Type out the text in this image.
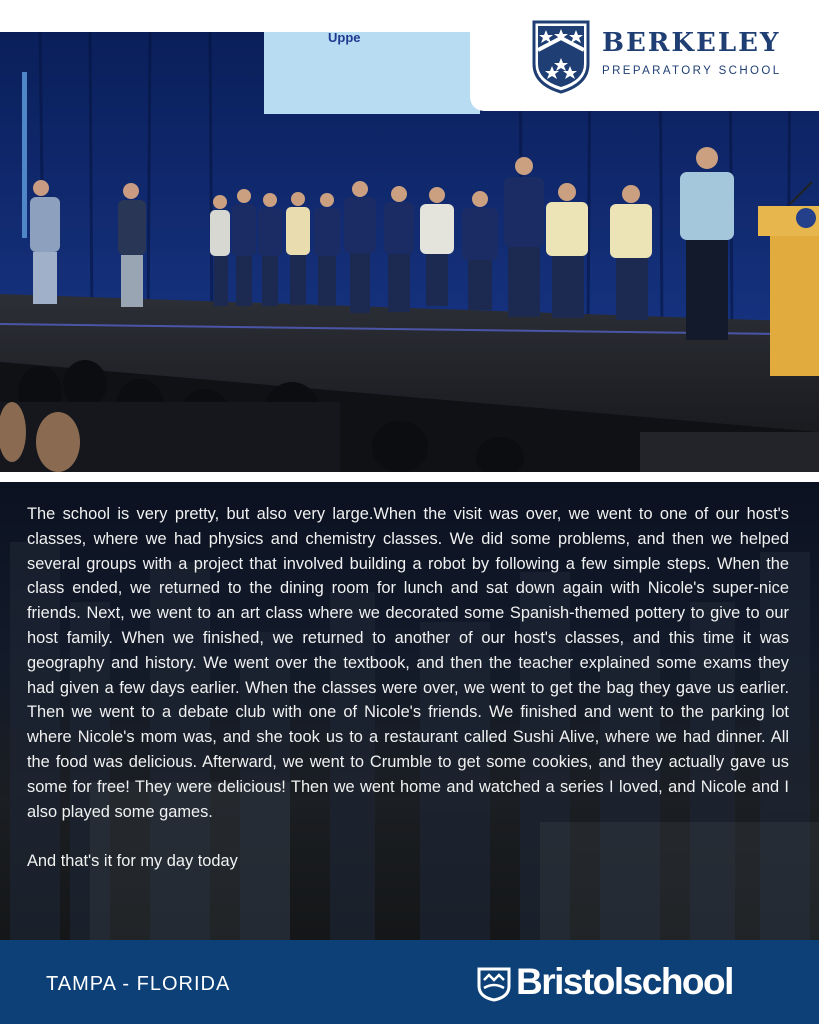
Uppe	BERKELEY
PREPARATORY SCHOOL

The school is very pretty, but also very large.When the visit was over, we went to one of our host's classes, where we had physics and chemistry classes. We did some problems, and then we helped several groups with a project that involved building a robot by following a few simple steps. When the class ended, we returned to the dining room for lunch and sat down again with Nicole's super-nice friends. Next, we went to an art class where we decorated some Spanish-themed pottery to give to our host family. When we finished, we returned to another of our host's classes, and this time it was geography and history. We went over the textbook, and then the teacher explained some exams they had given a few days earlier. When the classes were over, we went to get the bag they gave us earlier. Then we went to a debate club with one of Nicole's friends. We finished and went to the parking lot where Nicole's mom was, and she took us to a restaurant called Sushi Alive, where we had dinner. All the food was delicious. Afterward, we went to Crumble to get some cookies, and they actually gave us some for free! They were delicious! Then we went home and watched a series I loved, and Nicole and I also played some games.

And that's it for my day today

TAMPA - FLORIDA	Bristolschool
